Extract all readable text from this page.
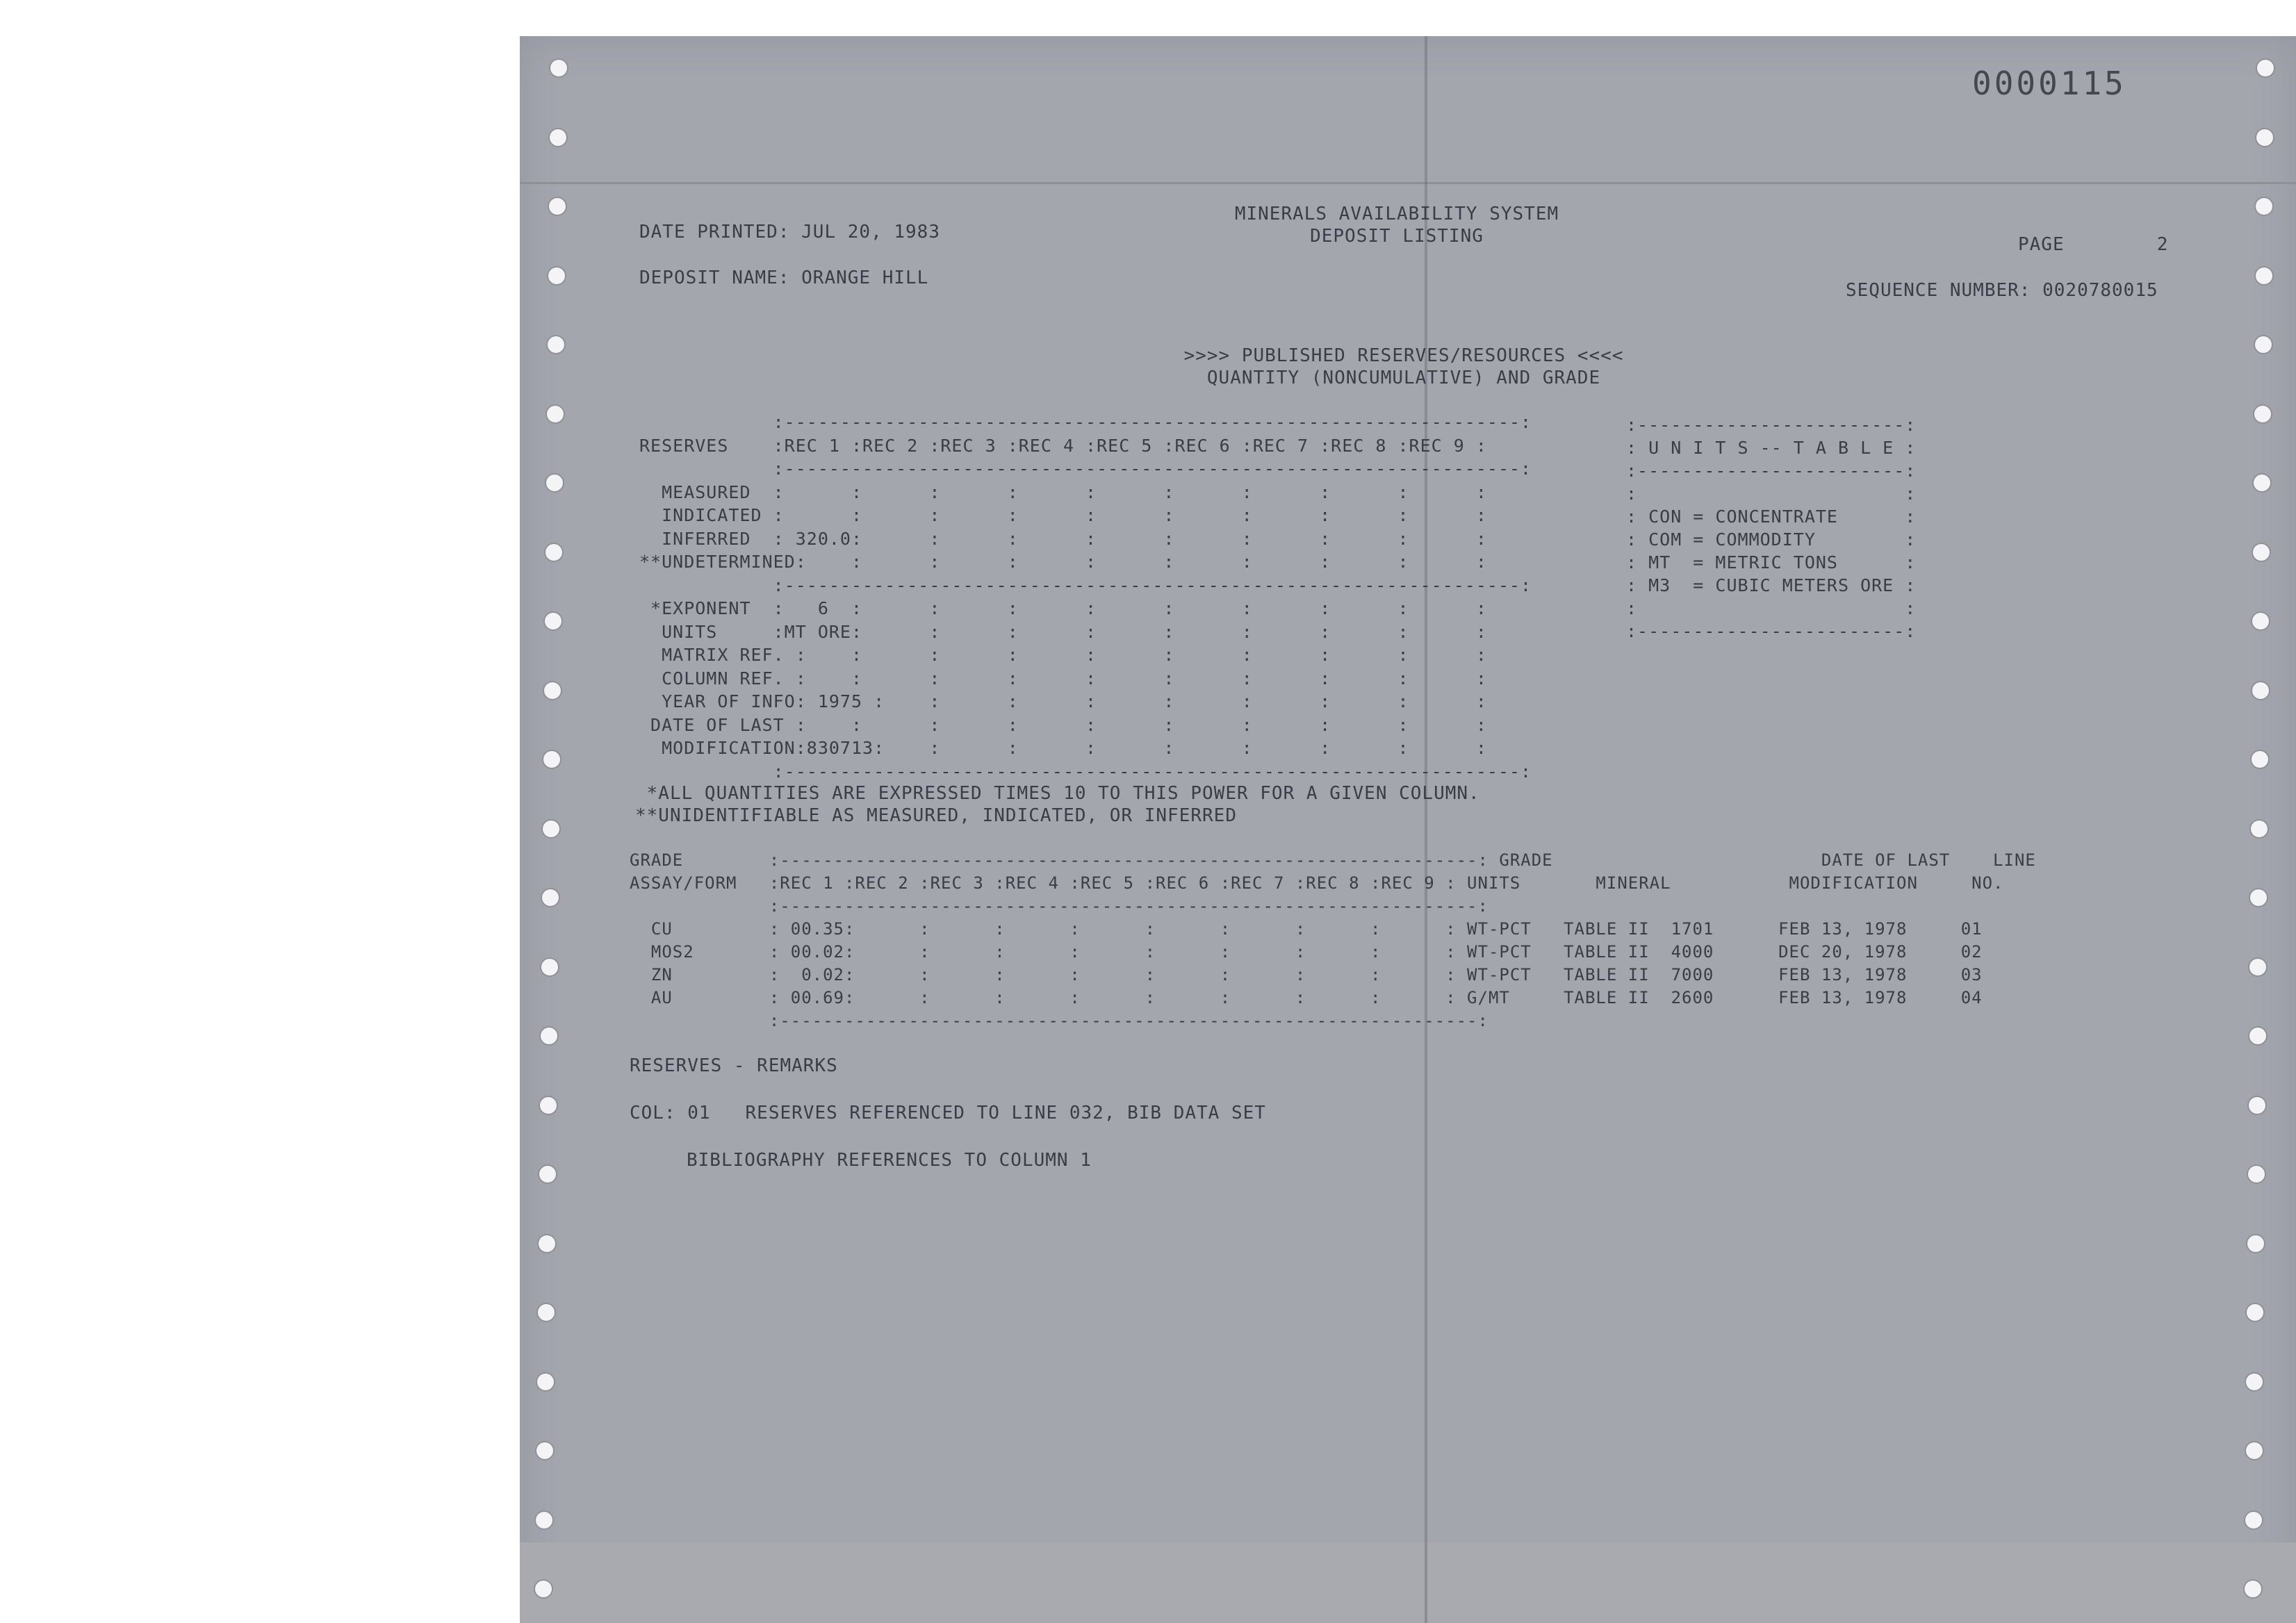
0000115
DATE PRINTED: JUL 20, 1983
MINERALS AVAILABILITY SYSTEM
DEPOSIT LISTING	PAGE        2
DEPOSIT NAME: ORANGE HILL
SEQUENCE NUMBER: 0020780015
>>>> PUBLISHED RESERVES/RESOURCES <<<<
QUANTITY (NONCUMULATIVE) AND GRADE
:------------------------------------------------------------------:
RESERVES    :REC 1 :REC 2 :REC 3 :REC 4 :REC 5 :REC 6 :REC 7 :REC 8 :REC 9 :
:------------------------------------------------------------------:
MEASURED  :      :      :      :      :      :      :      :      :      :
INDICATED :      :      :      :      :      :      :      :      :      :
INFERRED  : 320.0:      :      :      :      :      :      :      :      :
**UNDETERMINED:    :      :      :      :      :      :      :      :      :
:------------------------------------------------------------------:
*EXPONENT  :   6  :      :      :      :      :      :      :      :      :
UNITS     :MT ORE:      :      :      :      :      :      :      :      :
MATRIX REF. :    :      :      :      :      :      :      :      :      :
COLUMN REF. :    :      :      :      :      :      :      :      :      :
YEAR OF INFO: 1975 :    :      :      :      :      :      :      :      :
DATE OF LAST :    :      :      :      :      :      :      :      :      :
MODIFICATION:830713:    :      :      :      :      :      :      :      :
:------------------------------------------------------------------:
:------------------------:
: U N I T S -- T A B L E :
:------------------------:
:                        :
: CON = CONCENTRATE      :
: COM = COMMODITY        :
: MT  = METRIC TONS      :
: M3  = CUBIC METERS ORE :
:                        :
:------------------------:
*ALL QUANTITIES ARE EXPRESSED TIMES 10 TO THIS POWER FOR A GIVEN COLUMN.
**UNIDENTIFIABLE AS MEASURED, INDICATED, OR INFERRED
GRADE        :-----------------------------------------------------------------: GRADE                         DATE OF LAST    LINE
ASSAY/FORM   :REC 1 :REC 2 :REC 3 :REC 4 :REC 5 :REC 6 :REC 7 :REC 8 :REC 9 : UNITS       MINERAL           MODIFICATION     NO.
:-----------------------------------------------------------------:
CU         : 00.35:      :      :      :      :      :      :      :      : WT-PCT   TABLE II  1701      FEB 13, 1978     01
MOS2       : 00.02:      :      :      :      :      :      :      :      : WT-PCT   TABLE II  4000      DEC 20, 1978     02
ZN         :  0.02:      :      :      :      :      :      :      :      : WT-PCT   TABLE II  7000      FEB 13, 1978     03
AU         : 00.69:      :      :      :      :      :      :      :      : G/MT     TABLE II  2600      FEB 13, 1978     04
:-----------------------------------------------------------------:
RESERVES - REMARKS
COL: 01   RESERVES REFERENCED TO LINE 032, BIB DATA SET
BIBLIOGRAPHY REFERENCES TO COLUMN 1
